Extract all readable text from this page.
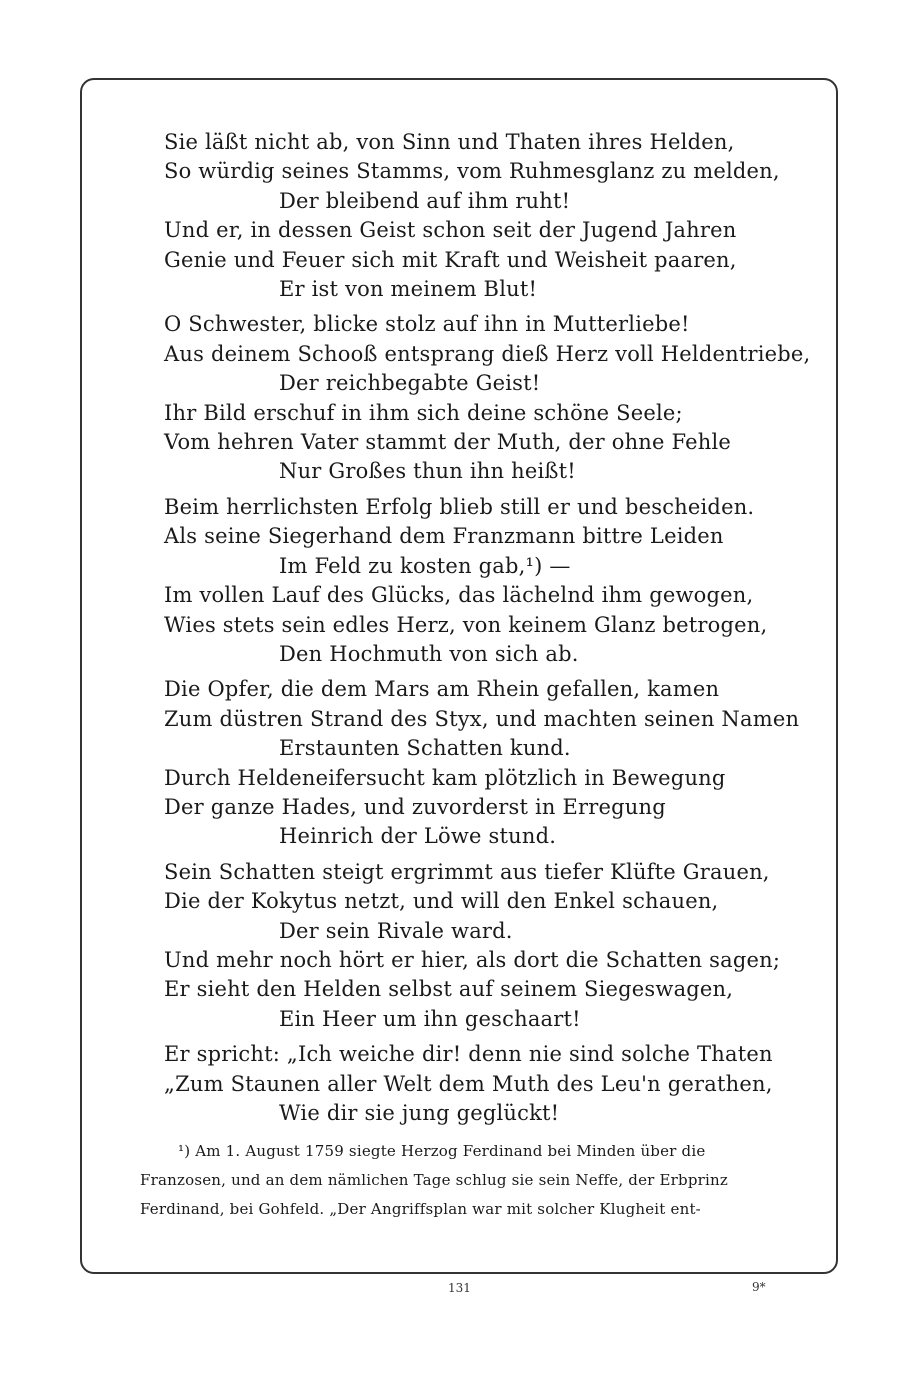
Sie läßt nicht ab, von Sinn und Thaten ihres Helden,
So würdig seines Stamms, vom Ruhmesglanz zu melden,
Der bleibend auf ihm ruht!
Und er, in dessen Geist schon seit der Jugend Jahren
Genie und Feuer sich mit Kraft und Weisheit paaren,
Er ist von meinem Blut!
O Schwester, blicke stolz auf ihn in Mutterliebe!
Aus deinem Schooß entsprang dieß Herz voll Heldentriebe,
Der reichbegabte Geist!
Ihr Bild erschuf in ihm sich deine schöne Seele;
Vom hehren Vater stammt der Muth, der ohne Fehle
Nur Großes thun ihn heißt!
Beim herrlichsten Erfolg blieb still er und bescheiden.
Als seine Siegerhand dem Franzmann bittre Leiden
Im Feld zu kosten gab,¹) —
Im vollen Lauf des Glücks, das lächelnd ihm gewogen,
Wies stets sein edles Herz, von keinem Glanz betrogen,
Den Hochmuth von sich ab.
Die Opfer, die dem Mars am Rhein gefallen, kamen
Zum düstren Strand des Styx, und machten seinen Namen
Erstaunten Schatten kund.
Durch Heldeneifersucht kam plötzlich in Bewegung
Der ganze Hades, und zuvorderst in Erregung
Heinrich der Löwe stund.
Sein Schatten steigt ergrimmt aus tiefer Klüfte Grauen,
Die der Kokytus netzt, und will den Enkel schauen,
Der sein Rivale ward.
Und mehr noch hört er hier, als dort die Schatten sagen;
Er sieht den Helden selbst auf seinem Siegeswagen,
Ein Heer um ihn geschaart!
Er spricht: „Ich weiche dir! denn nie sind solche Thaten
„Zum Staunen aller Welt dem Muth des Leu'n gerathen,
Wie dir sie jung geglückt!
¹) Am 1. August 1759 siegte Herzog Ferdinand bei Minden über die
Franzosen, und an dem nämlichen Tage schlug sie sein Neffe, der Erbprinz
Ferdinand, bei Gohfeld. „Der Angriffsplan war mit solcher Klugheit ent-
131	9*
